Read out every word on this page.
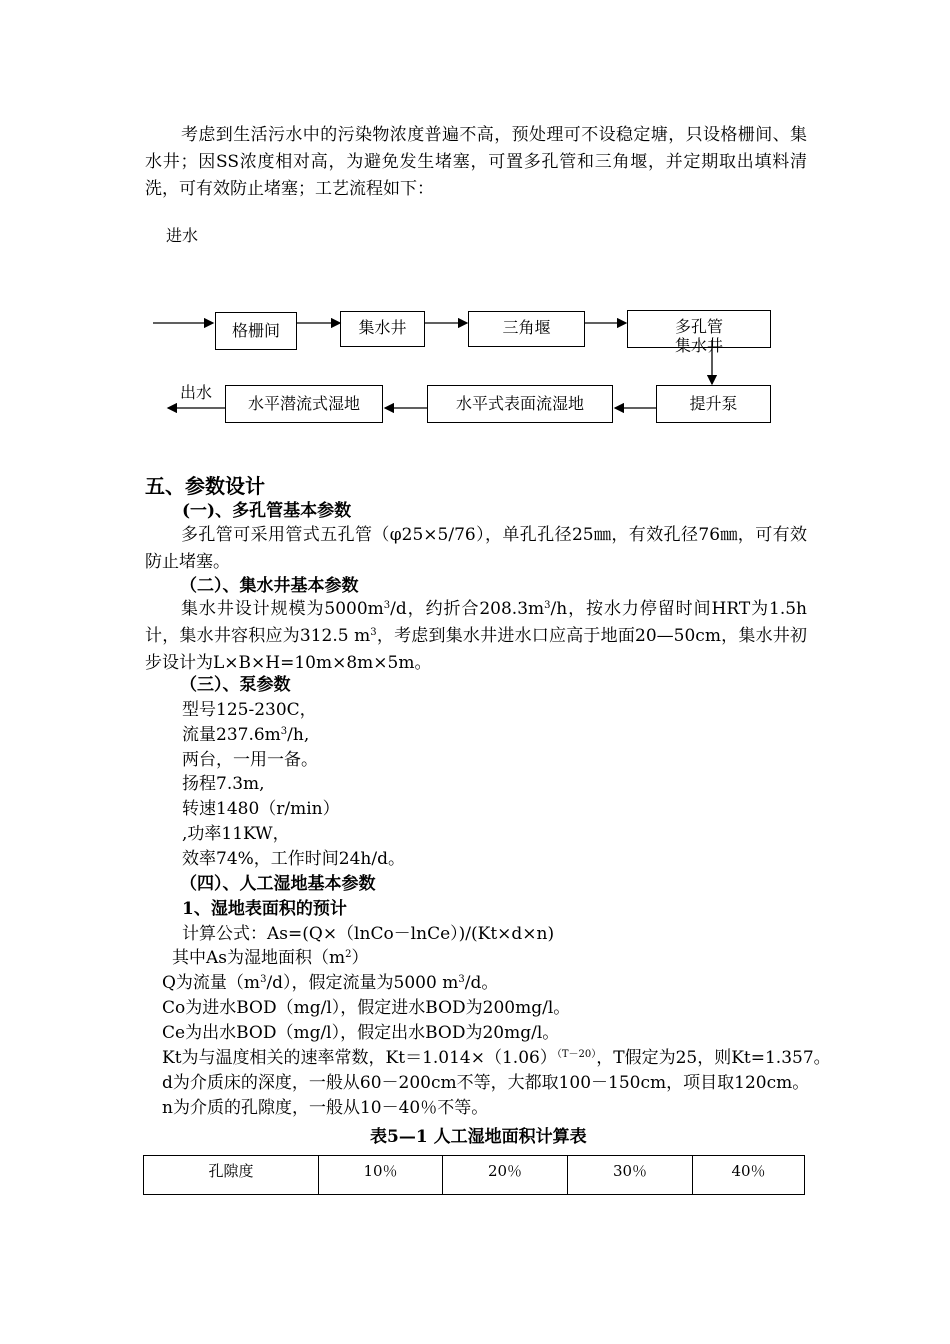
考虑到生活污水中的污染物浓度普遍不高，预处理可不设稳定塘，只设格栅间、集水井；因SS浓度相对高，为避免发生堵塞，可置多孔管和三角堰，并定期取出填料清洗，可有效防止堵塞；工艺流程如下：

进水
格栅间	集水井	三角堰	多孔管
集水井
提升泵
水平式表面流湿地
水平潜流式湿地
出水
五、参数设计
(一)、多孔管基本参数

多孔管可采用管式五孔管（φ25×5/76），单孔孔径25㎜，有效孔径76㎜，可有效防止堵塞。

（二）、集水井基本参数

集水井设计规模为$5000m^3/d$，约折合$208.3m^3/h$，按水力停留时间HRT为1.5h计，集水井容积应为312.5 $m^3$，考虑到集水井进水口应高于地面20—50cm，集水井初步设计为L×B×H=10m×8m×5m。

（三）、泵参数
型号125-230C，
流量$237.6m^3/h$,
两台，一用一备。
扬程7.3m,
转速1480（r/min）
,功率11KW，
效率74%，工作时间24h/d。
（四）、人工湿地基本参数
1、湿地表面积的预计
计算公式：As=(Q×（lnCo－lnCe）)/(Kt×d×n)
其中As为湿地面积$(m^2)$
Q为流量$(m^3/d)$，假定流量为5000 $m^3/d$。
Co为进水BOD（mg/l），假定进水BOD为200mg/l。
Ce为出水BOD（mg/l），假定出水BOD为20mg/l。
Kt为与温度相关的速率常数，$Kt=1.014\times(1.06)^{(T-20)}$，T假定为25，则Kt=1.357。
d为介质床的深度，一般从60－200cm不等，大都取100－150cm，项目取120cm。
n为介质的孔隙度，一般从10－40％不等。
表5—1 人工湿地面积计算表
孔隙度	10％	20％	30％	40％
